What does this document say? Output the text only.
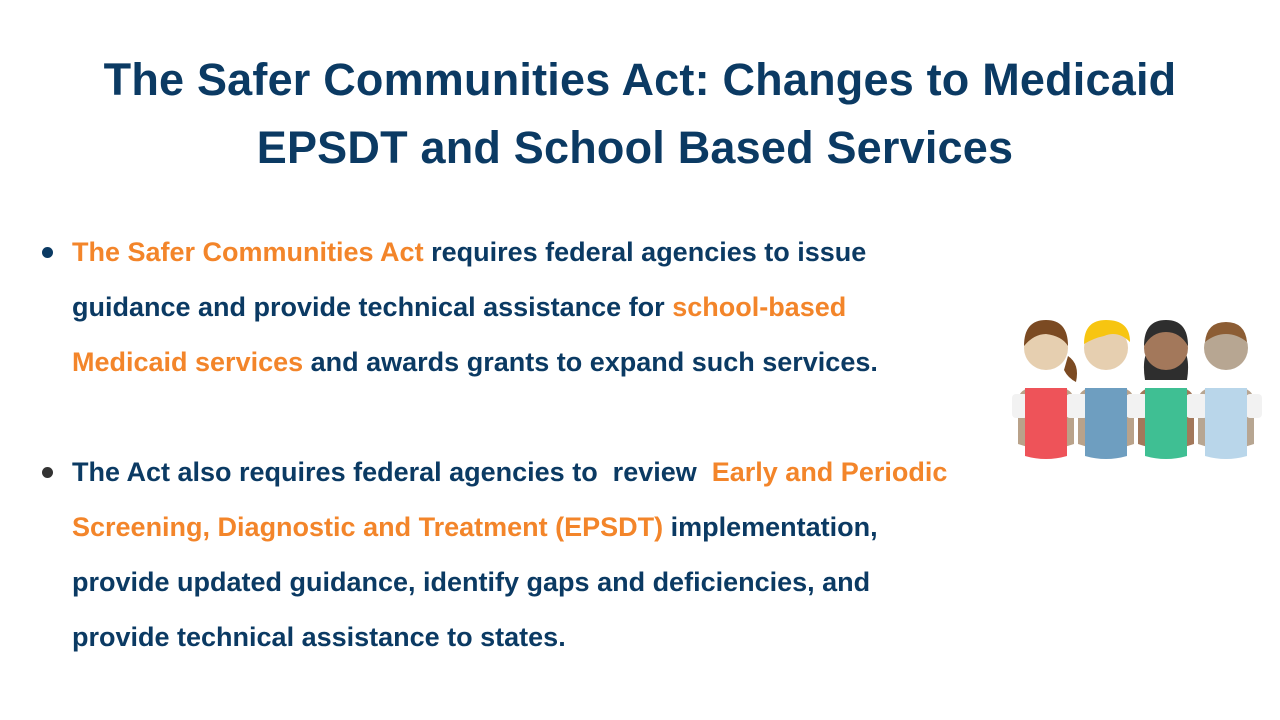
The Safer Communities Act: Changes to Medicaid
EPSDT and School Based Services
The Safer Communities Act requires federal agencies to issue guidance and provide technical assistance for school-based Medicaid services and awards grants to expand such services.
The Act also requires federal agencies to  review  Early and Periodic Screening, Diagnostic and Treatment (EPSDT) implementation, provide updated guidance, identify gaps and deficiencies, and provide technical assistance to states.
